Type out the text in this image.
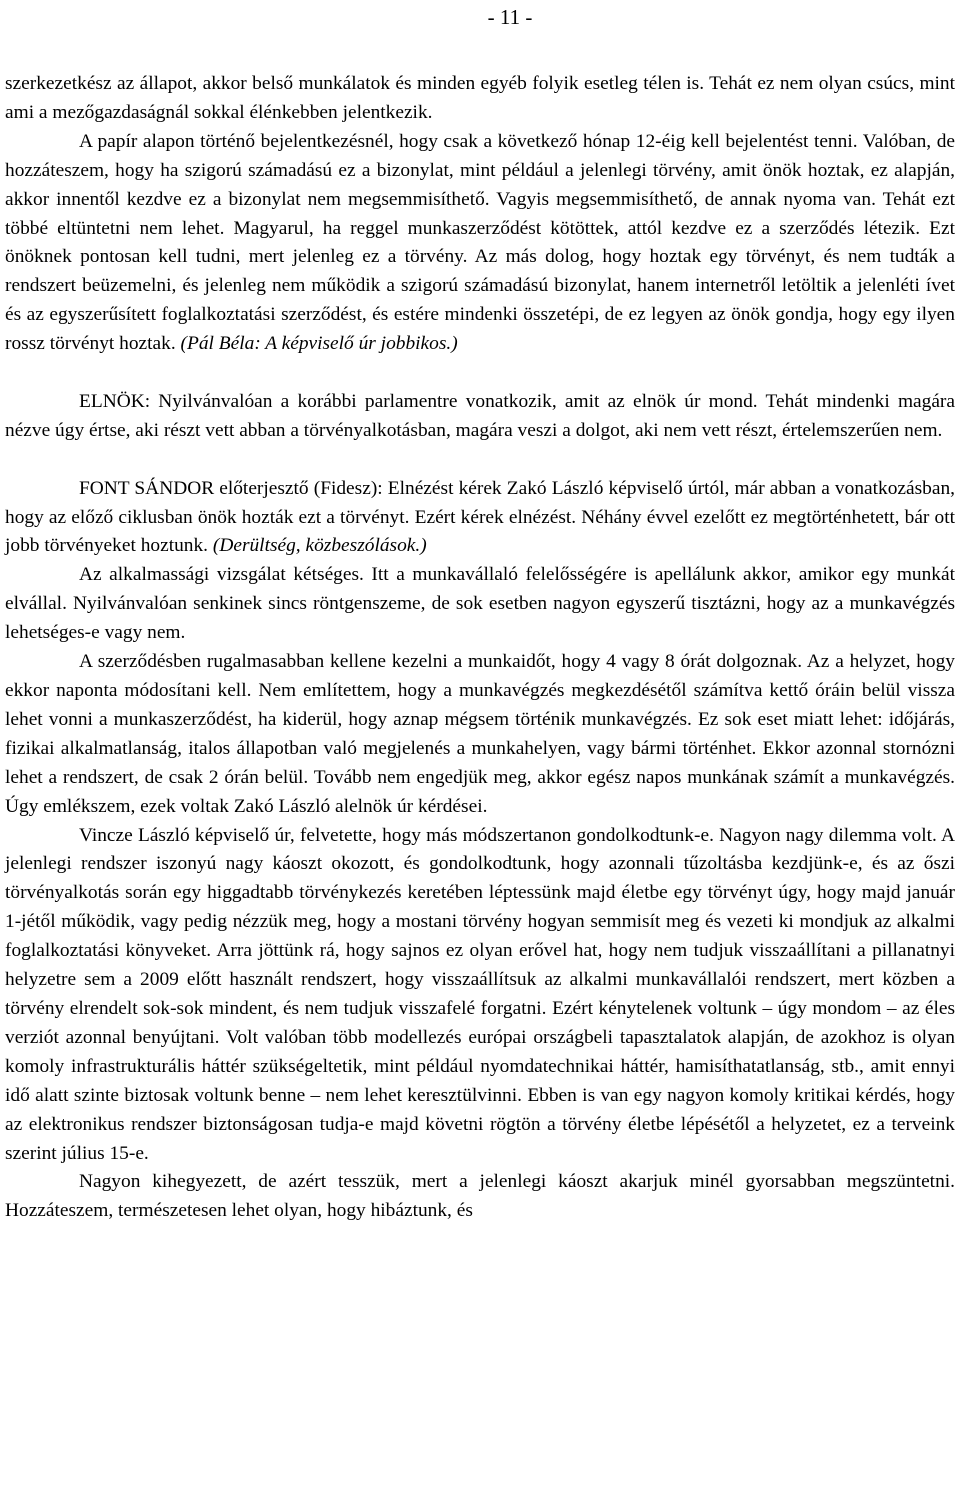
- 11 -

szerkezetkész az állapot, akkor belső munkálatok és minden egyéb folyik esetleg télen is. Tehát ez nem olyan csúcs, mint ami a mezőgazdaságnál sokkal élénkebben jelentkezik.

A papír alapon történő bejelentkezésnél, hogy csak a következő hónap 12-éig kell bejelentést tenni. Valóban, de hozzáteszem, hogy ha szigorú számadású ez a bizonylat, mint például a jelenlegi törvény, amit önök hoztak, ez alapján, akkor innentől kezdve ez a bizonylat nem megsemmisíthető. Vagyis megsemmisíthető, de annak nyoma van. Tehát ezt többé eltüntetni nem lehet. Magyarul, ha reggel munkaszerződést kötöttek, attól kezdve ez a szerződés létezik. Ezt önöknek pontosan kell tudni, mert jelenleg ez a törvény. Az más dolog, hogy hoztak egy törvényt, és nem tudták a rendszert beüzemelni, és jelenleg nem működik a szigorú számadású bizonylat, hanem internetről letöltik a jelenléti ívet és az egyszerűsített foglalkoztatási szerződést, és estére mindenki összetépi, de ez legyen az önök gondja, hogy egy ilyen rossz törvényt hoztak. (Pál Béla: A képviselő úr jobbikos.)

ELNÖK: Nyilvánvalóan a korábbi parlamentre vonatkozik, amit az elnök úr mond. Tehát mindenki magára nézve úgy értse, aki részt vett abban a törvényalkotásban, magára veszi a dolgot, aki nem vett részt, értelemszerűen nem.

FONT SÁNDOR előterjesztő (Fidesz): Elnézést kérek Zakó László képviselő úrtól, már abban a vonatkozásban, hogy az előző ciklusban önök hozták ezt a törvényt. Ezért kérek elnézést. Néhány évvel ezelőtt ez megtörténhetett, bár ott jobb törvényeket hoztunk. (Derültség, közbeszólások.)

Az alkalmassági vizsgálat kétséges. Itt a munkavállaló felelősségére is apellálunk akkor, amikor egy munkát elvállal. Nyilvánvalóan senkinek sincs röntgenszeme, de sok esetben nagyon egyszerű tisztázni, hogy az a munkavégzés lehetséges-e vagy nem.

A szerződésben rugalmasabban kellene kezelni a munkaidőt, hogy 4 vagy 8 órát dolgoznak. Az a helyzet, hogy ekkor naponta módosítani kell. Nem említettem, hogy a munkavégzés megkezdésétől számítva kettő óráin belül vissza lehet vonni a munkaszerződést, ha kiderül, hogy aznap mégsem történik munkavégzés. Ez sok eset miatt lehet: időjárás, fizikai alkalmatlanság, italos állapotban való megjelenés a munkahelyen, vagy bármi történhet. Ekkor azonnal stornózni lehet a rendszert, de csak 2 órán belül. Tovább nem engedjük meg, akkor egész napos munkának számít a munkavégzés. Úgy emlékszem, ezek voltak Zakó László alelnök úr kérdései.

Vincze László képviselő úr, felvetette, hogy más módszertanon gondolkodtunk-e. Nagyon nagy dilemma volt. A jelenlegi rendszer iszonyú nagy káoszt okozott, és gondolkodtunk, hogy azonnali tűzoltásba kezdjünk-e, és az őszi törvényalkotás során egy higgadtabb törvénykezés keretében léptessünk majd életbe egy törvényt úgy, hogy majd január 1-jétől működik, vagy pedig nézzük meg, hogy a mostani törvény hogyan semmisít meg és vezeti ki mondjuk az alkalmi foglalkoztatási könyveket. Arra jöttünk rá, hogy sajnos ez olyan erővel hat, hogy nem tudjuk visszaállítani a pillanatnyi helyzetre sem a 2009 előtt használt rendszert, hogy visszaállítsuk az alkalmi munkavállalói rendszert, mert közben a törvény elrendelt sok-sok mindent, és nem tudjuk visszafelé forgatni. Ezért kénytelenek voltunk – úgy mondom – az éles verziót azonnal benyújtani. Volt valóban több modellezés európai országbeli tapasztalatok alapján, de azokhoz is olyan komoly infrastrukturális háttér szükségeltetik, mint például nyomdatechnikai háttér, hamisíthatatlanság, stb., amit ennyi idő alatt szinte biztosak voltunk benne – nem lehet keresztülvinni. Ebben is van egy nagyon komoly kritikai kérdés, hogy az elektronikus rendszer biztonságosan tudja-e majd követni rögtön a törvény életbe lépésétől a helyzetet, ez a terveink szerint július 15-e.

Nagyon kihegyezett, de azért tesszük, mert a jelenlegi káoszt akarjuk minél gyorsabban megszüntetni. Hozzáteszem, természetesen lehet olyan, hogy hibáztunk, és
